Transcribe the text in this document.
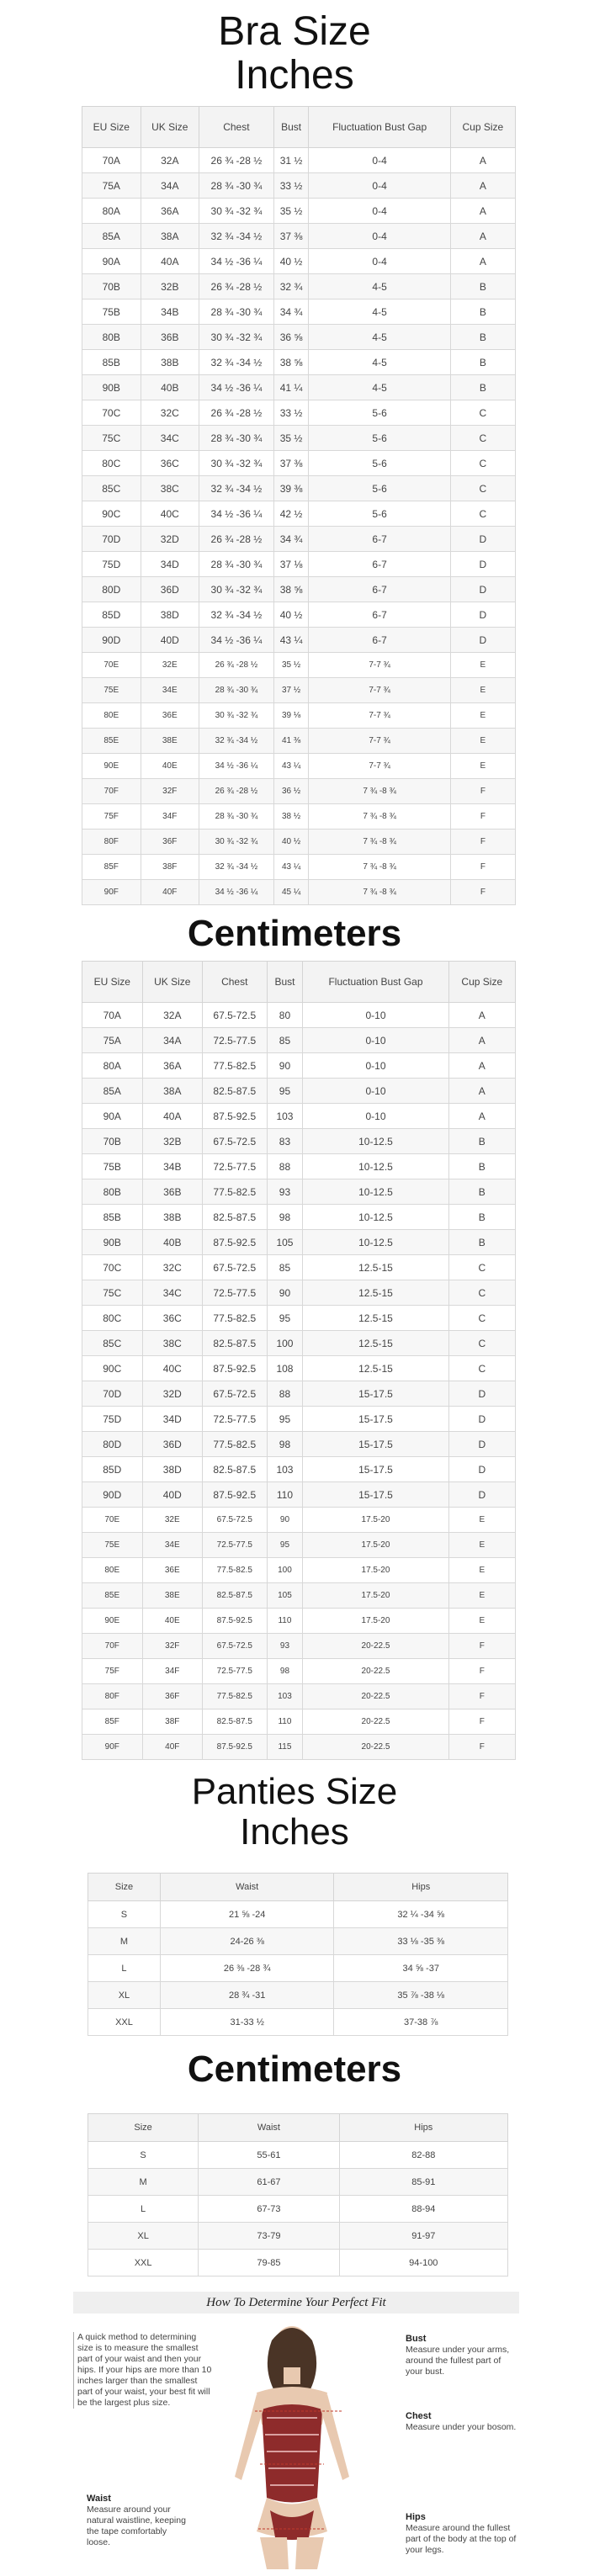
Bra Size
Inches
EU Size	UK Size	Chest	Bust	Fluctuation Bust Gap	Cup Size
70A	32A	26 ¾ -28 ½	31 ½	0-4	A
75A	34A	28 ¾ -30 ¾	33 ½	0-4	A
80A	36A	30 ¾ -32 ¾	35 ½	0-4	A
85A	38A	32 ¾ -34 ½	37 ⅜	0-4	A
90A	40A	34 ½ -36 ¼	40 ½	0-4	A
70B	32B	26 ¾ -28 ½	32 ¾	4-5	B
75B	34B	28 ¾ -30 ¾	34 ¾	4-5	B
80B	36B	30 ¾ -32 ¾	36 ⅝	4-5	B
85B	38B	32 ¾ -34 ½	38 ⅝	4-5	B
90B	40B	34 ½ -36 ¼	41 ¼	4-5	B
70C	32C	26 ¾ -28 ½	33 ½	5-6	C
75C	34C	28 ¾ -30 ¾	35 ½	5-6	C
80C	36C	30 ¾ -32 ¾	37 ⅜	5-6	C
85C	38C	32 ¾ -34 ½	39 ⅜	5-6	C
90C	40C	34 ½ -36 ¼	42 ½	5-6	C
70D	32D	26 ¾ -28 ½	34 ¾	6-7	D
75D	34D	28 ¾ -30 ¾	37 ⅛	6-7	D
80D	36D	30 ¾ -32 ¾	38 ⅝	6-7	D
85D	38D	32 ¾ -34 ½	40 ½	6-7	D
90D	40D	34 ½ -36 ¼	43 ¼	6-7	D
70E	32E	26 ¾ -28 ½	35 ½	7-7 ¾	E
75E	34E	28 ¾ -30 ¾	37 ½	7-7 ¾	E
80E	36E	30 ¾ -32 ¾	39 ⅛	7-7 ¾	E
85E	38E	32 ¾ -34 ½	41 ⅜	7-7 ¾	E
90E	40E	34 ½ -36 ¼	43 ¼	7-7 ¾	E
70F	32F	26 ¾ -28 ½	36 ½	7 ¾ -8 ¾	F
75F	34F	28 ¾ -30 ¾	38 ½	7 ¾ -8 ¾	F
80F	36F	30 ¾ -32 ¾	40 ½	7 ¾ -8 ¾	F
85F	38F	32 ¾ -34 ½	43 ¼	7 ¾ -8 ¾	F
90F	40F	34 ½ -36 ¼	45 ¼	7 ¾ -8 ¾	F
Centimeters
EU Size	UK Size	Chest	Bust	Fluctuation Bust Gap	Cup Size
70A	32A	67.5-72.5	80	0-10	A
75A	34A	72.5-77.5	85	0-10	A
80A	36A	77.5-82.5	90	0-10	A
85A	38A	82.5-87.5	95	0-10	A
90A	40A	87.5-92.5	103	0-10	A
70B	32B	67.5-72.5	83	10-12.5	B
75B	34B	72.5-77.5	88	10-12.5	B
80B	36B	77.5-82.5	93	10-12.5	B
85B	38B	82.5-87.5	98	10-12.5	B
90B	40B	87.5-92.5	105	10-12.5	B
70C	32C	67.5-72.5	85	12.5-15	C
75C	34C	72.5-77.5	90	12.5-15	C
80C	36C	77.5-82.5	95	12.5-15	C
85C	38C	82.5-87.5	100	12.5-15	C
90C	40C	87.5-92.5	108	12.5-15	C
70D	32D	67.5-72.5	88	15-17.5	D
75D	34D	72.5-77.5	95	15-17.5	D
80D	36D	77.5-82.5	98	15-17.5	D
85D	38D	82.5-87.5	103	15-17.5	D
90D	40D	87.5-92.5	110	15-17.5	D
70E	32E	67.5-72.5	90	17.5-20	E
75E	34E	72.5-77.5	95	17.5-20	E
80E	36E	77.5-82.5	100	17.5-20	E
85E	38E	82.5-87.5	105	17.5-20	E
90E	40E	87.5-92.5	110	17.5-20	E
70F	32F	67.5-72.5	93	20-22.5	F
75F	34F	72.5-77.5	98	20-22.5	F
80F	36F	77.5-82.5	103	20-22.5	F
85F	38F	82.5-87.5	110	20-22.5	F
90F	40F	87.5-92.5	115	20-22.5	F
Panties Size
Inches
Size	Waist	Hips
S	21 ⅝ -24	32 ¼ -34 ⅝
M	24-26 ⅜	33 ⅛ -35 ⅜
L	26 ⅜ -28 ¾	34 ⅝ -37
XL	28 ¾ -31	35 ⅞ -38 ⅛
XXL	31-33 ½	37-38 ⅞
Centimeters
Size	Waist	Hips
S	55-61	82-88
M	61-67	85-91
L	67-73	88-94
XL	73-79	91-97
XXL	79-85	94-100
How To Determine Your Perfect Fit
A quick method to determining size is to measure the smallest part of your waist and then your hips. If your hips are more than 10 inches larger than the smallest part of your waist, your best fit will be the largest plus size.
Bust
Measure under your arms, around the fullest part of your bust.
Chest
Measure under your bosom.
Waist
Measure around your natural waistline, keeping the tape comfortably loose.
Hips
Measure around the fullest part of the body at the top of your legs.
